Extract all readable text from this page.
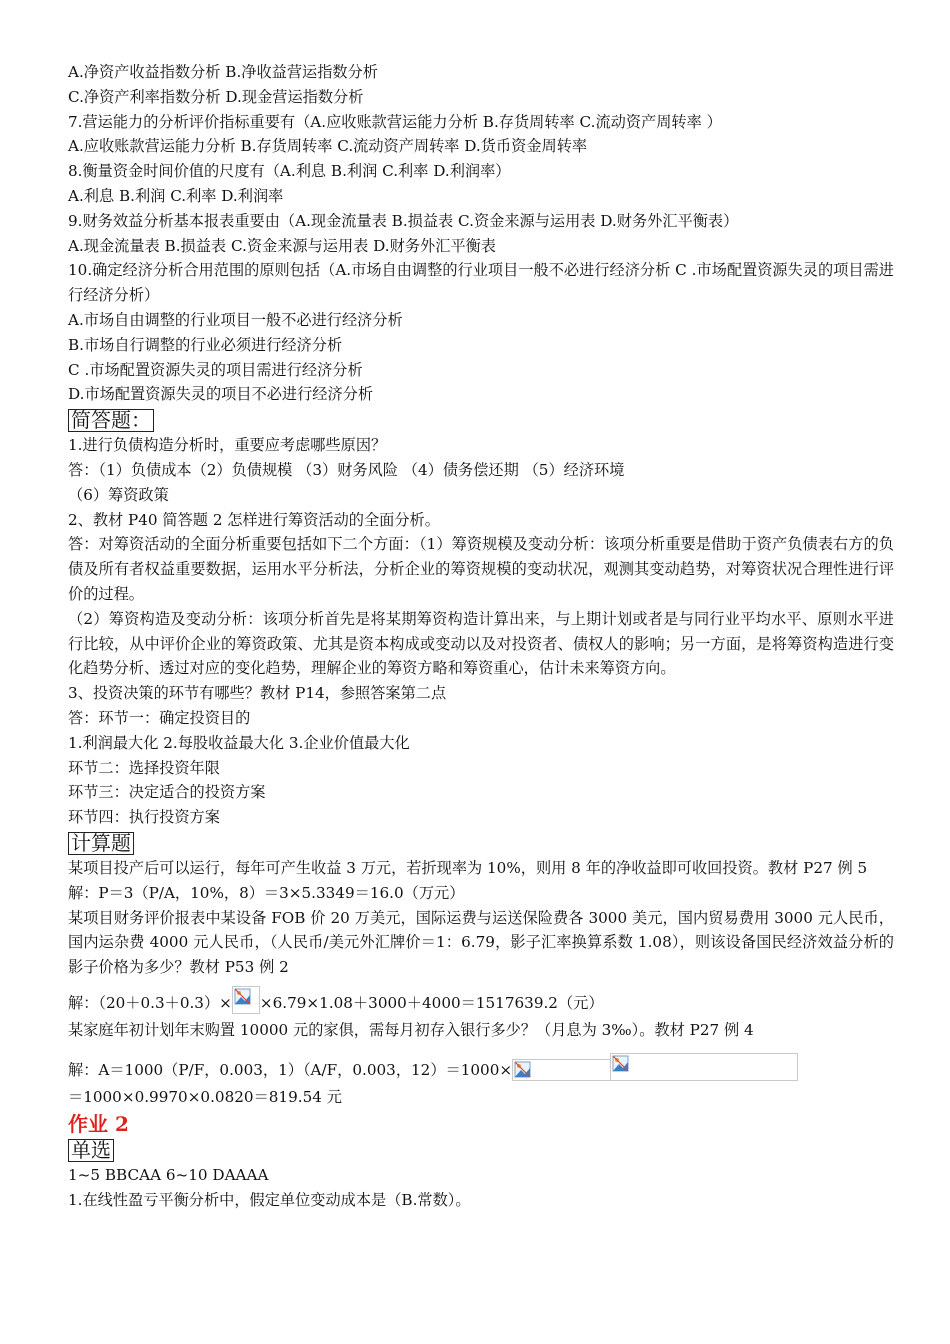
A.净资产收益指数分析 B.净收益营运指数分析
C.净资产利率指数分析 D.现金营运指数分析
7.营运能力的分析评价指标重要有（A.应收账款营运能力分析 B.存货周转率 C.流动资产周转率 ）
A.应收账款营运能力分析 B.存货周转率 C.流动资产周转率 D.货币资金周转率
8.衡量资金时间价值的尺度有（A.利息 B.利润 C.利率 D.利润率）
A.利息 B.利润 C.利率 D.利润率
9.财务效益分析基本报表重要由（A.现金流量表 B.损益表 C.资金来源与运用表 D.财务外汇平衡表）
A.现金流量表 B.损益表 C.资金来源与运用表 D.财务外汇平衡表
10.确定经济分析合用范围的原则包括（A.市场自由调整的行业项目一般不必进行经济分析 C .市场配置资源失灵的项目需进行经济分析）
A.市场自由调整的行业项目一般不必进行经济分析
B.市场自行调整的行业必须进行经济分析
C .市场配置资源失灵的项目需进行经济分析
D.市场配置资源失灵的项目不必进行经济分析
简答题：
1.进行负债构造分析时，重要应考虑哪些原因？
答：（1）负债成本（2）负债规模 （3）财务风险 （4）债务偿还期 （5）经济环境
（6）筹资政策
2、教材 P40 简答题 2 怎样进行筹资活动的全面分析。
答：对筹资活动的全面分析重要包括如下二个方面：（1）筹资规模及变动分析：该项分析重要是借助于资产负债表右方的负债及所有者权益重要数据，运用水平分析法，分析企业的筹资规模的变动状况，观测其变动趋势，对筹资状况合理性进行评价的过程。
（2）筹资构造及变动分析：该项分析首先是将某期筹资构造计算出来，与上期计划或者是与同行业平均水平、原则水平进行比较，从中评价企业的筹资政策、尤其是资本构成或变动以及对投资者、债权人的影响；另一方面，是将筹资构造进行变化趋势分析、透过对应的变化趋势，理解企业的筹资方略和筹资重心，估计未来筹资方向。
3、投资决策的环节有哪些？教材 P14，参照答案第二点
答：环节一：确定投资目的
1.利润最大化 2.每股收益最大化 3.企业价值最大化
环节二：选择投资年限
环节三：决定适合的投资方案
环节四：执行投资方案
计算题
某项目投产后可以运行，每年可产生收益 3 万元，若折现率为 10%，则用 8 年的净收益即可收回投资。教材 P27 例 5
解：P＝3（P/A，10%，8）＝3×5.3349＝16.0（万元）
某项目财务评价报表中某设备 FOB 价 20 万美元，国际运费与运送保险费各 3000 美元，国内贸易费用 3000 元人民币，国内运杂费 4000 元人民币，（人民币/美元外汇牌价＝1：6.79，影子汇率换算系数 1.08），则该设备国民经济效益分析的影子价格为多少？教材 P53 例 2
解：（20＋0.3＋0.3）× ×6.79×1.08＋3000＋4000＝1517639.2（元）
某家庭年初计划年末购置 10000 元的家俱，需每月初存入银行多少？（月息为 3‰）。教材 P27 例 4
解：A＝1000（P/F，0.003，1）（A/F，0.003，12）＝1000×
＝1000×0.9970×0.0820＝819.54 元
作业 2
单选
1~5 BBCAA 6~10 DAAAA
1.在线性盈亏平衡分析中，假定单位变动成本是（B.常数）。
